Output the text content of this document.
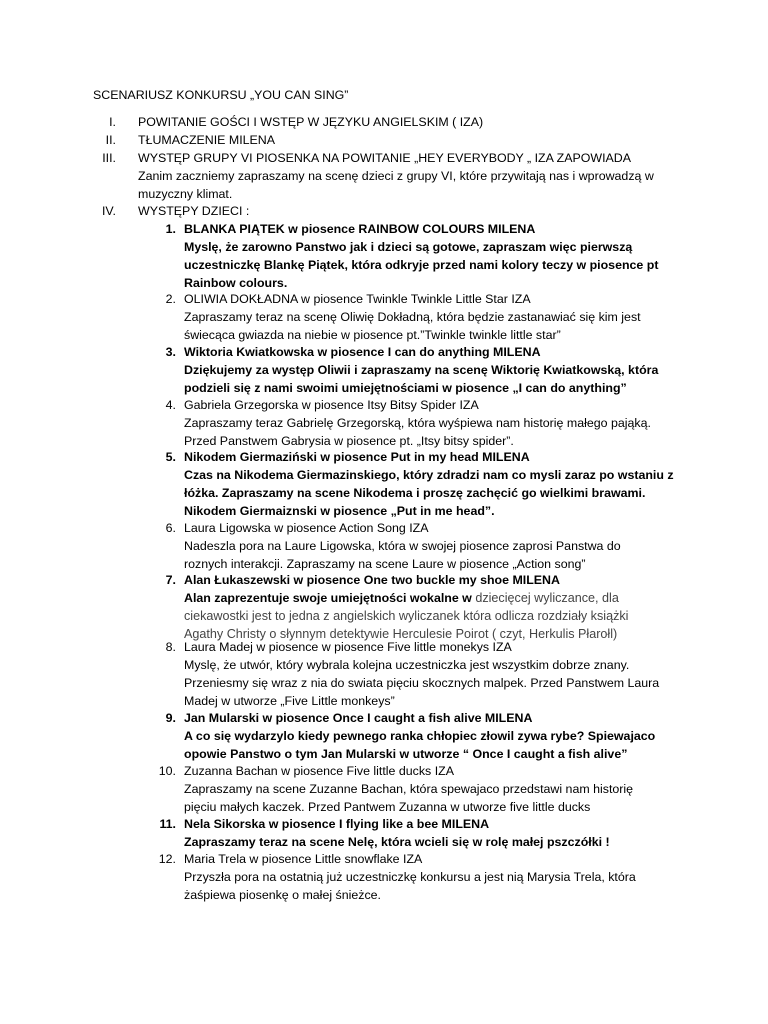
SCENARIUSZ KONKURSU „YOU CAN SING”
I. POWITANIE GOŚCI I WSTĘP W JĘZYKU ANGIELSKIM ( IZA)
II. TŁUMACZENIE MILENA
III. WYSTĘP GRUPY VI PIOSENKA NA POWITANIE „HEY EVERYBODY „ IZA ZAPOWIADA
Zanim zaczniemy zapraszamy na scenę dzieci z grupy VI, które przywitają nas i wprowadzą w
muzyczny klimat.
IV. WYSTĘPY DZIECI :
1. BLANKA PIĄTEK w piosence RAINBOW COLOURS MILENA
Myslę, że zarowno Panstwo jak i dzieci są gotowe, zapraszam więc pierwszą
uczestniczkę Blankę Piątek, która odkryje przed nami kolory teczy w piosence pt
Rainbow colours.
2. OLIWIA DOKŁADNA w piosence Twinkle Twinkle Little Star IZA
Zapraszamy teraz na scenę Oliwię Dokładną, która będzie zastanawiać się kim jest
świecąca gwiazda na niebie w piosence pt.”Twinkle twinkle little star”
3. Wiktoria Kwiatkowska w piosence I can do anything MILENA
Dziękujemy za występ Oliwii i zapraszamy na scenę Wiktorię Kwiatkowską, która
podzieli się z nami swoimi umiejętnościami w piosence „I can do anything”
4. Gabriela Grzegorska w piosence Itsy Bitsy Spider IZA
Zapraszamy teraz Gabrielę Grzegorską, która wyśpiewa nam historię małego pająką.
Przed Panstwem Gabrysia w piosence pt. „Itsy bitsy spider”.
5. Nikodem Giermaziński w piosence Put in my head MILENA
Czas na Nikodema Giermazinskiego, który zdradzi nam co mysli zaraz po wstaniu z
łóżka. Zapraszamy na scene Nikodema i proszę zachęcić go wielkimi brawami.
Nikodem Giermaiznski w piosence „Put in me head”.
6. Laura Ligowska w piosence Action Song IZA
Nadeszla pora na Laure Ligowska, która w swojej piosence zaprosi Panstwa do
roznych interakcji. Zapraszamy na scene Laure w piosence „Action song”
7. Alan Łukaszewski w piosence One two buckle my shoe MILENA
Alan zaprezentuje swoje umiejętności wokalne w dziecięcej wyliczance, dla
ciekawostki jest to jedna z angielskich wyliczanek która odlicza rozdziały książki
Agathy Christy o słynnym detektywie Herculesie Poirot ( czyt, Herkulis Płarołl)
8. Laura Madej w piosence w piosence Five little monekys IZA
Myslę, że utwór, który wybrala kolejna uczestniczka jest wszystkim dobrze znany.
Przeniesmy się wraz z nia do swiata pięciu skocznych malpek. Przed Panstwem Laura
Madej w utworze „Five Little monkeys”
9. Jan Mularski w piosence Once I caught a fish alive MILENA
A co się wydarzylo kiedy pewnego ranka chłopiec złowil zywa rybe? Spiewajaco
opowie Panstwo o tym Jan Mularski w utworze “ Once I caught a fish alive”
10. Zuzanna Bachan w piosence Five little ducks IZA
Zapraszamy na scene Zuzanne Bachan, która spewajaco przedstawi nam historię
pięciu małych kaczek. Przed Pantwem Zuzanna w utworze five little ducks
11. Nela Sikorska w piosence I flying like a bee MILENA
Zapraszamy teraz na scene Nelę, która wcieli się w rolę małej pszczółki !
12. Maria Trela w piosence Little snowflake IZA
Przyszła pora na ostatnią już uczestniczkę konkursu a jest nią Marysia Trela, która
żaśpiewa piosenkę o małej śnieżce.
